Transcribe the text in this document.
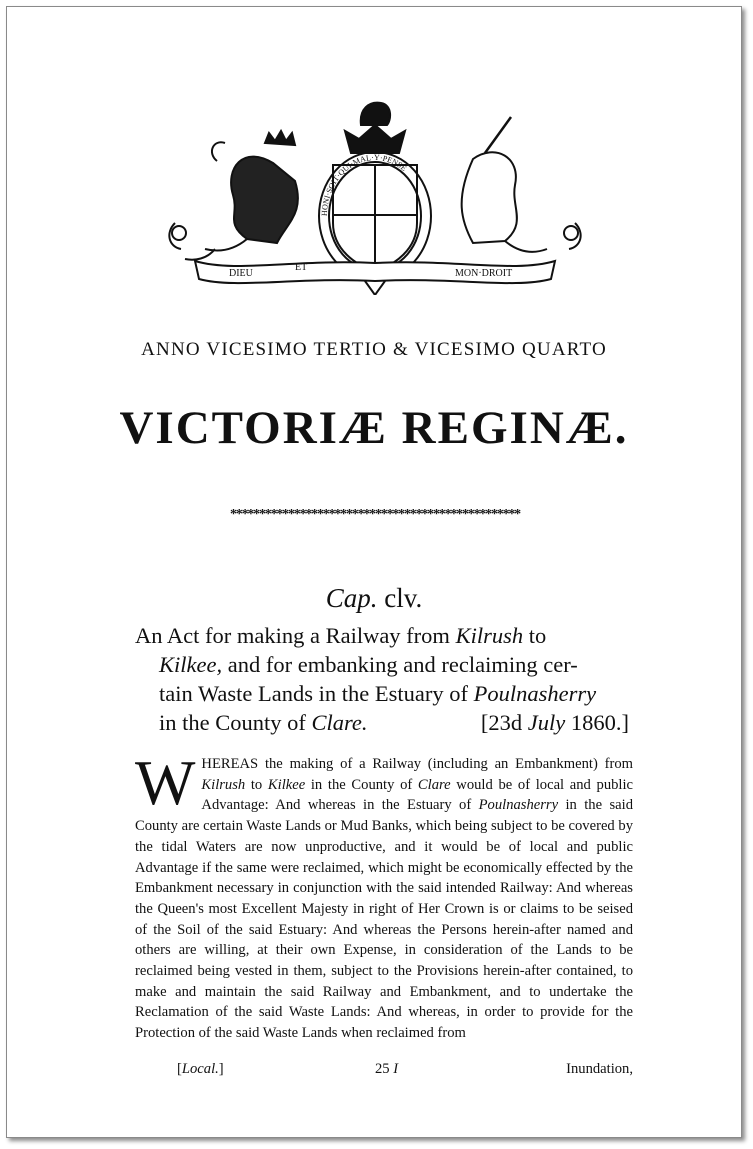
DIEU
ET
MON·DROIT
HONI·SOIT·QUI·MAL·Y·PENSE
ANNO VICESIMO TERTIO & VICESIMO QUARTO
VICTORIÆ REGINÆ.
**************************************************
Cap. clv.
An Act for making a Railway from Kilrush to
Kilkee, and for embanking and reclaiming cer-
tain Waste Lands in the Estuary of Poulnasherry
in the County of Clare.	[23d July 1860.]
WHEREAS the making of a Railway (including an Embankment) from Kilrush to Kilkee in the County of Clare would be of local and public Advantage: And whereas in the Estuary of Poulnasherry in the said County are certain Waste Lands or Mud Banks, which being subject to be covered by the tidal Waters are now unproductive, and it would be of local and public Advantage if the same were reclaimed, which might be economically effected by the Embankment necessary in conjunction with the said intended Railway: And whereas the Queen's most Excellent Majesty in right of Her Crown is or claims to be seised of the Soil of the said Estuary: And whereas the Persons herein-after named and others are willing, at their own Expense, in consideration of the Lands to be reclaimed being vested in them, subject to the Provisions herein-after contained, to make and maintain the said Railway and Embankment, and to undertake the Reclamation of the said Waste Lands: And whereas, in order to provide for the Protection of the said Waste Lands when reclaimed from
[Local.]	25 I	Inundation,
